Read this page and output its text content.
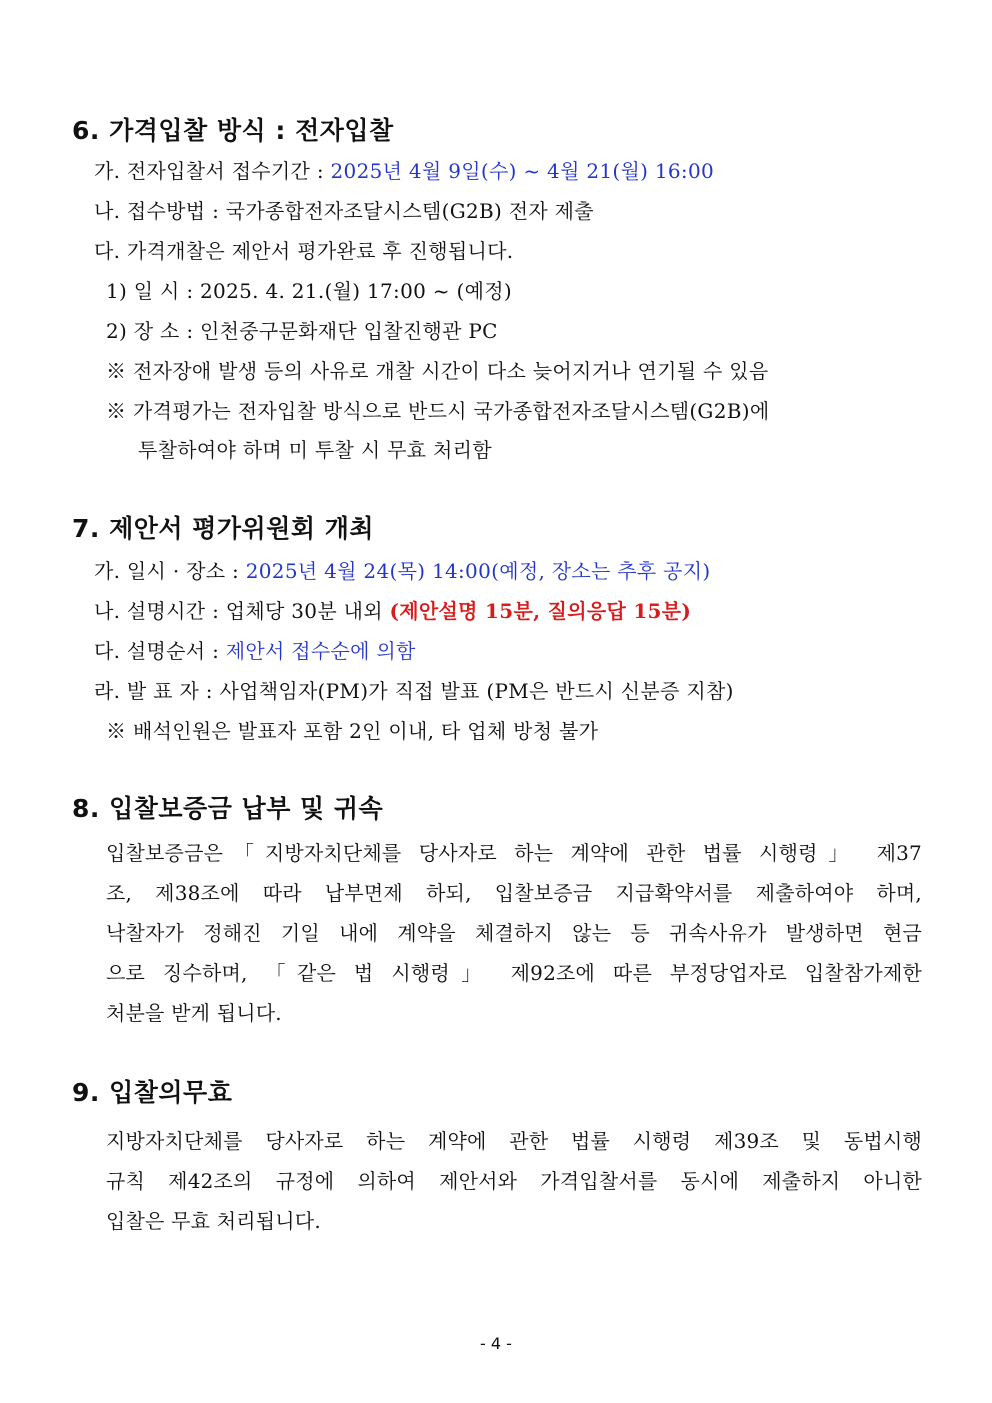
6. 가격입찰 방식 : 전자입찰
가. 전자입찰서 접수기간 : 2025년 4월 9일(수) ~ 4월 21(월) 16:00
나. 접수방법 : 국가종합전자조달시스템(G2B) 전자 제출
다. 가격개찰은 제안서 평가완료 후 진행됩니다.
1) 일 시 : 2025. 4. 21.(월) 17:00 ~ (예정)
2) 장 소 : 인천중구문화재단 입찰진행관 PC
※ 전자장애 발생 등의 사유로 개찰 시간이 다소 늦어지거나 연기될 수 있음
※ 가격평가는 전자입찰 방식으로 반드시 국가종합전자조달시스템(G2B)에
투찰하여야 하며 미 투찰 시 무효 처리함
7. 제안서 평가위원회 개최
가. 일시 · 장소 : 2025년 4월 24(목) 14:00(예정, 장소는 추후 공지)
나. 설명시간 : 업체당 30분 내외 (제안설명 15분, 질의응답 15분)
다. 설명순서 : 제안서 접수순에 의함
라. 발 표 자 : 사업책임자(PM)가 직접 발표 (PM은 반드시 신분증 지참)
※ 배석인원은 발표자 포함 2인 이내, 타 업체 방청 불가
8. 입찰보증금 납부 및 귀속
입찰보증금은「지방자치단체를 당사자로 하는 계약에 관한 법률 시행령」 제37
조, 제38조에 따라 납부면제 하되, 입찰보증금 지급확약서를 제출하여야 하며,
낙찰자가 정해진 기일 내에 계약을 체결하지 않는 등 귀속사유가 발생하면 현금
으로 징수하며, 「같은 법 시행령」 제92조에 따른 부정당업자로 입찰참가제한
처분을 받게 됩니다.
9. 입찰의무효
지방자치단체를 당사자로 하는 계약에 관한 법률 시행령 제39조 및 동법시행
규칙 제42조의 규정에 의하여 제안서와 가격입찰서를 동시에 제출하지 아니한
입찰은 무효 처리됩니다.
- 4 -
